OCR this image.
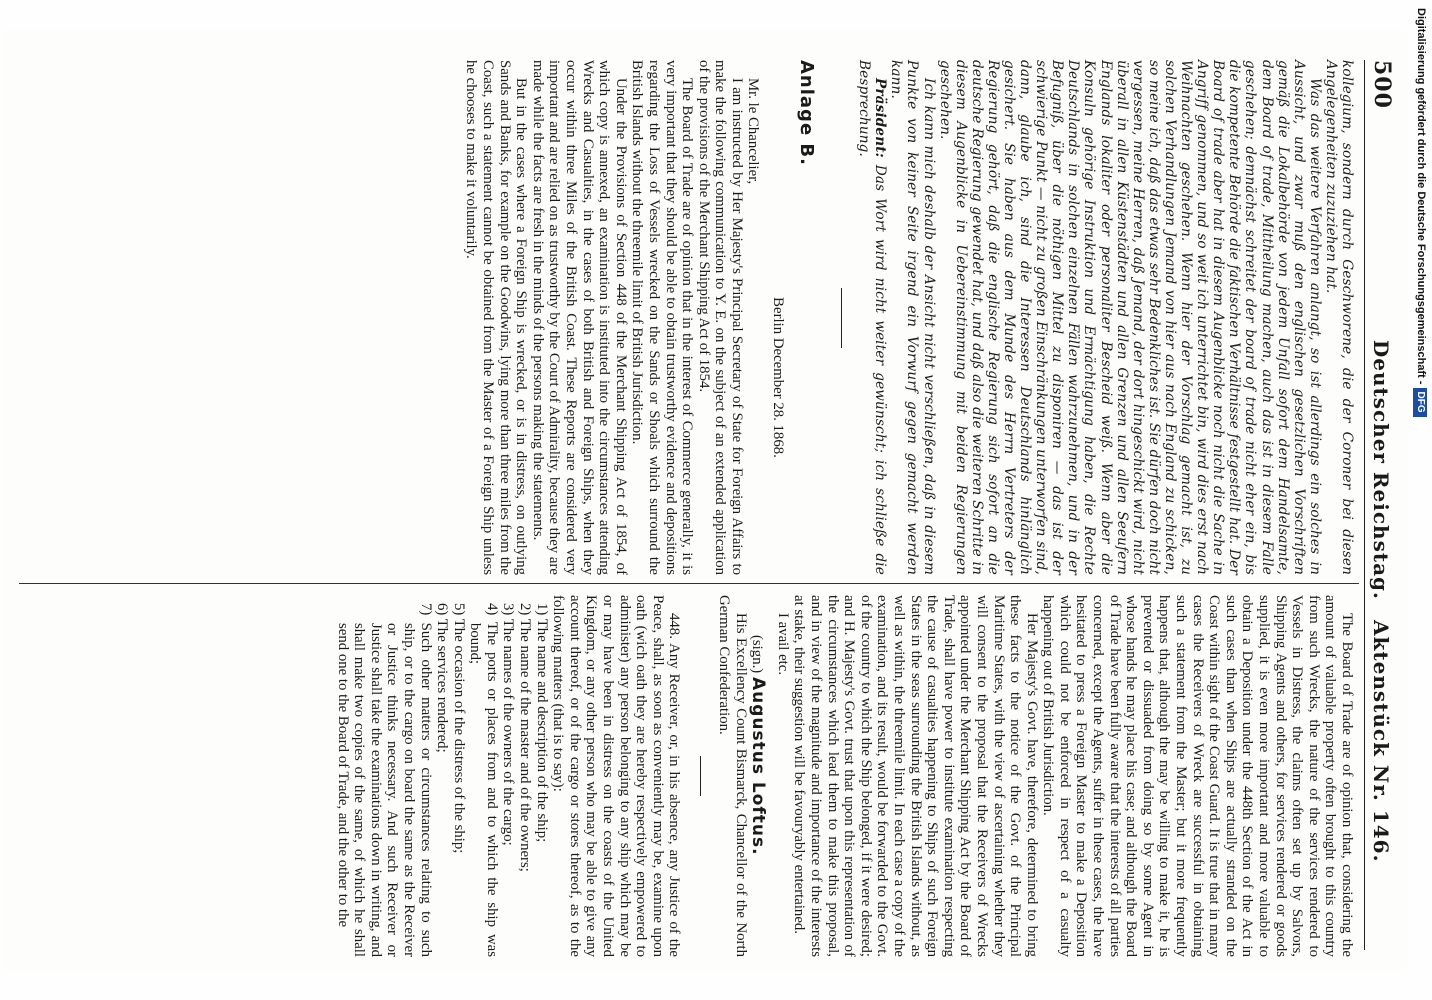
500
Deutscher Reichstag.
Aktenstück Nr. 146.

kollegium, sondern durch Geschworene, die der Coroner bei diesen Angelegenheiten zuzuziehen hat.

Was das weitere Verfahren anlangt, so ist allerdings ein solches in Aussicht, und zwar muß den englischen gesetzlichen Vorschriften gemäß die Lokalbehörde von jedem Unfall sofort dem Handelsamte, dem Board of trade, Mittheilung machen, auch das ist in diesem Falle geschehen; demnächst schreitet der board of trade nicht eher ein, bis die kompetente Behörde die faktischen Verhältnisse festgestellt hat. Der Board of trade aber hat in diesem Augenblicke noch nicht die Sache in Angriff genommen, und so weit ich unterrichtet bin, wird dies erst nach Weihnachten geschehen. Wenn hier der Vorschlag gemacht ist, zu solchen Verhandlungen Jemand von hier aus nach England zu schicken, so meine ich, daß das etwas sehr Bedenkliches ist. Sie dürfen doch nicht vergessen, meine Herren, daß Jemand, der dort hingeschickt wird, nicht überall in allen Küstenstädten und allen Grenzen und allen Seeufern Englands lokaliter oder personaliter Bescheid weiß. Wenn aber die Konsuln gehörige Instruktion und Ermächtigung haben, die Rechte Deutschlands in solchen einzelnen Fällen wahrzunehmen, und in der Befugniß, über die nöthigen Mittel zu disponiren — das ist der schwierige Punkt — nicht zu großen Einschränkungen unterworfen sind, dann, glaube ich, sind die Interessen Deutschlands hinlänglich gesichert. Sie haben aus dem Munde des Herrn Vertreters der Regierung gehört, daß die englische Regierung sich sofort an die deutsche Regierung gewendet hat, und daß also die weiteren Schritte in diesem Augenblicke in Uebereinstimmung mit beiden Regierungen geschehen.

Ich kann mich deshalb der Ansicht nicht verschließen, daß in diesem Punkte von keiner Seite irgend ein Vorwurf gegen gemacht werden kann.

Präsident: Das Wort wird nicht weiter gewünscht; ich schließe die Besprechung.

Anlage B.
Berlin December 28. 1868.

Mr. le Chancelier,

I am instructed by Her Majesty's Principal Secretary of State for Foreign Affairs to make the following communication to Y. E. on the subject of an extended application of the provisions of the Merchant Shipping Act of 1854.

The Board of Trade are of opinion that in the interest of Commerce generally, it is very important that they should be able to obtain trustworthy evidence and depositions regarding the Loss of Vessels wrecked on the Sands or Shoals which surround the British Islands without the threemile limit of British Jurisdiction.

Under the Provisions of Section 448 of the Merchant Shipping Act of 1854, of which copy is annexed, an examination is instituted into the circumstances attending Wrecks and Casualties, in the cases of both British and Foreign Ships, when they occur within three Miles of the British Coast. These Reports are considered very important and are relied on as trustworthy by the Court of Admirality, because they are made while the facts are fresh in the minds of the persons making the statements.

But in the cases where a Foreign Ship is wrecked, or is in distress, on outlying Sands and Banks, for example on the Goodwins, lying more than three miles from the Coast, such a statement cannot be obtained from the Master of a Foreign Ship unless he chooses to make it voluntarily.

The Board of Trade are of opinion that, considering the amount of valuable property often brought to this country from such Wrecks, the nature of the services rendered to Vessels in Distress, the claims often set up by Salvors, Shipping Agents and others, for services rendered or goods supplied, it is even more important and more valuable to obtain a Deposition under the 448th Section of the Act in such cases than when Ships are actually stranded on the Coast within sight of the Coast Guard. It is true that in many cases the Receivers of Wreck are successful in obtaining such a statement from the Master; but it more frequently happens that, although the may be willing to make it, he is prevented or dissuaded from doing so by some Agent in whose hands he may place his case; and although the Board of Trade have been fully aware that the interests of all parties concerned, except the Agents, suffer in these cases, the have hesitated to press a Foreign Master to make a Deposition which could not be enforced in respect of a casualty happening out of British Jurisdiction.

Her Majesty's Govt. have, therefore, determined to bring these facts to the notice of the Govt. of the Principal Maritime States, with the view of ascertaining whether they will consent to the proposal that the Receivers of Wrecks appointed under the Merchant Shipping Act by the Board of Trade, shall have power to institute examination respecting the cause of casualties happening to Ships of such Foreign States in the seas surrounding the British Islands without, as well as within, the threemile limit. In each case a copy of the examination, and its result, would be forwarded to the Govt. of the country to which the Ship belonged, if it were desired; and H. Majesty's Govt. trust that upon this representation of the circumstances which lead them to make this proposal, and in view of the magnitude and importance of the interests at stake, their suggestion will be favouryably entertained.

I avail etc.

(sign.) Augustus Loftus.

His Excellency Count Bismarck, Chancellor of the North German Confederation.

448. Any Receiver, or, in his absence, any Justice of the Peace, shall, as soon as conveniently may be, examine upon oath (wich oath they are hereby respectively empowered to administer) any person belonging to any ship which may be or may have been in distress on the coasts of the United Kingdom, or any other person who may be able to give any account thereof, or of the cargo or stores thereof, as to the following matters (that is to say):

1) The name and description of the ship;
2) The name of the master and of the owners;
3) The names of the owners of the cargo;
4) The ports or places from and to which the ship was bound;
5) The occasion of the distress of the ship;
6) The services rendered;
7) Such other matters or circumstances relating to such ship, or to the cargo on board the same as the Receiver or Justice thinks necessary. And such Receiver or Justice shall take the examinations down in writing, and shall make two copies of the same, of which he shall send one to the Board of Trade, and the other to the
Digitalisierung gefördert durch die Deutsche Forschungsgemeinschaft -DFG
